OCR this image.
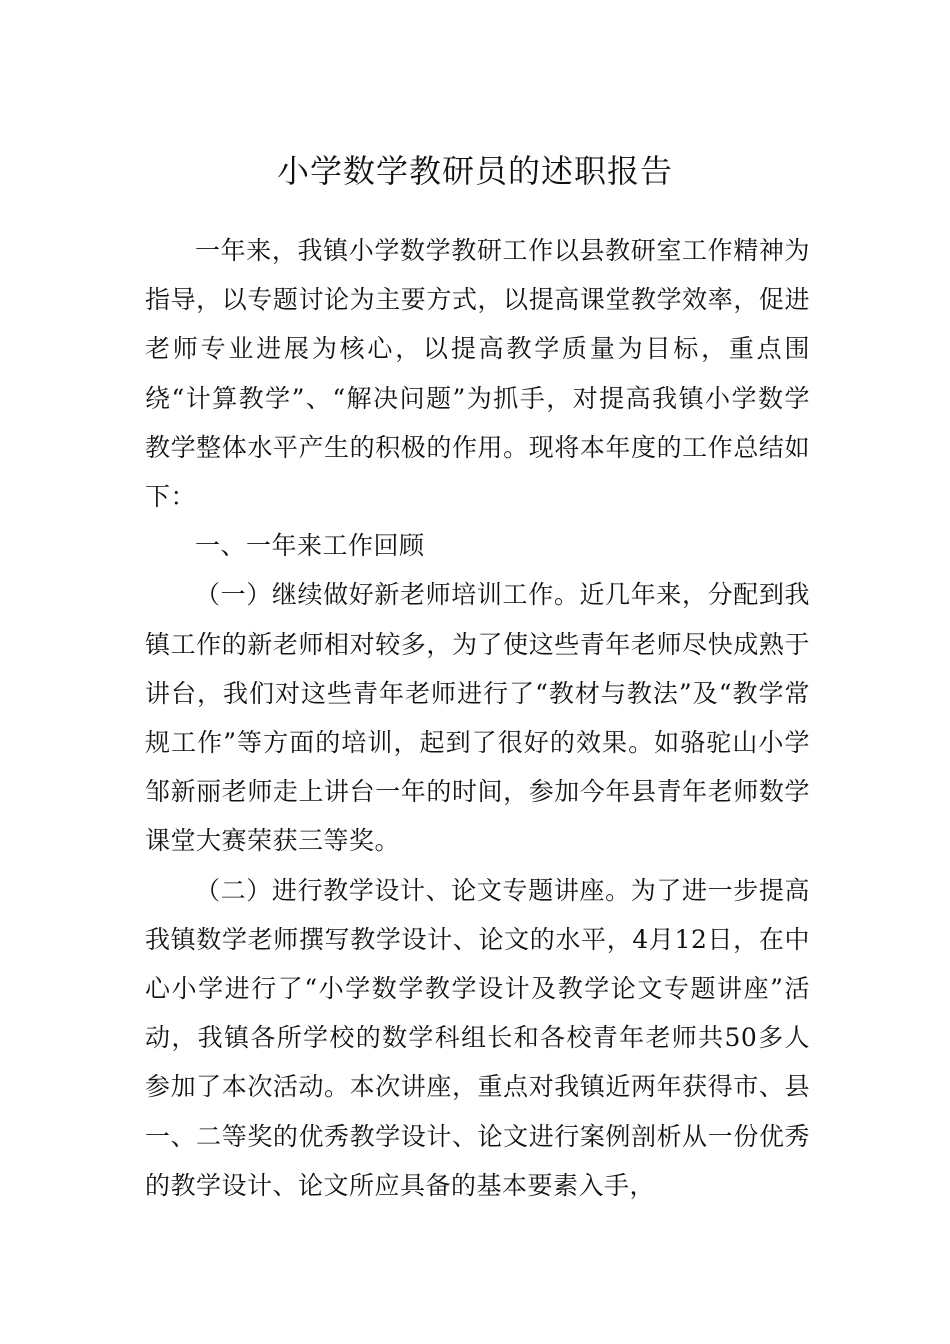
小学数学教研员的述职报告

一年来，我镇小学数学教研工作以县教研室工作精神为指导，以专题讨论为主要方式，以提高课堂教学效率，促进老师专业进展为核心，以提高教学质量为目标，重点围绕“计算教学”、“解决问题”为抓手，对提高我镇小学数学教学整体水平产生的积极的作用。现将本年度的工作总结如下：

一、一年来工作回顾

（一）继续做好新老师培训工作。近几年来，分配到我镇工作的新老师相对较多，为了使这些青年老师尽快成熟于讲台，我们对这些青年老师进行了“教材与教法”及“教学常规工作”等方面的培训，起到了很好的效果。如骆驼山小学邹新丽老师走上讲台一年的时间，参加今年县青年老师数学课堂大赛荣获三等奖。

（二）进行教学设计、论文专题讲座。为了进一步提高我镇数学老师撰写教学设计、论文的水平，4月12日，在中心小学进行了“小学数学教学设计及教学论文专题讲座”活动，我镇各所学校的数学科组长和各校青年老师共50多人参加了本次活动。本次讲座，重点对我镇近两年获得市、县一、二等奖的优秀教学设计、论文进行案例剖析从一份优秀的教学设计、论文所应具备的基本要素入手，
